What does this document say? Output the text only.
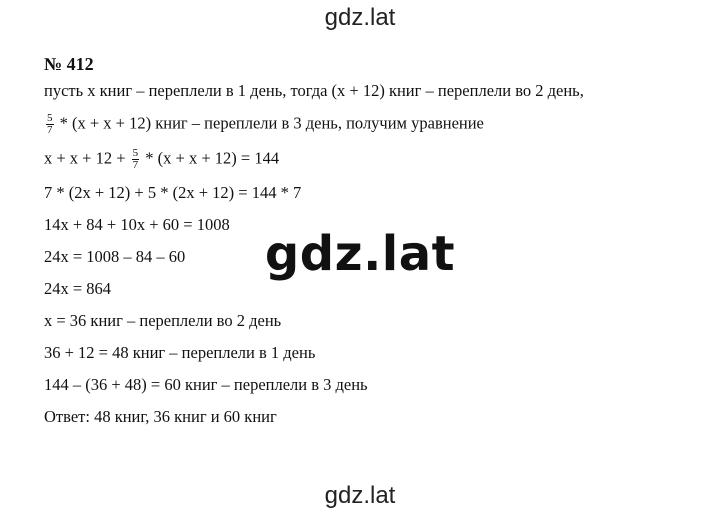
gdz.lat

№ 412

пусть x книг – переплели в 1 день, тогда (x + 12) книг – переплели во 2 день,

$\frac{5}{7} * (x + x + 12)$ книг – переплели в 3 день, получим уравнение

$x + x + 12 + \frac{5}{7} * (x + x + 12) = 144$

7 * (2x + 12) + 5 * (2x + 12) = 144 * 7

14x + 84 + 10x + 60 = 1008

24x = 1008 – 84 – 60

24x = 864

x = 36 книг – переплели во 2 день

36 + 12 = 48 книг – переплели в 1 день

144 – (36 + 48) = 60 книг – переплели в 3 день

Ответ: 48 книг, 36 книг и 60 книг

gdz.lat
gdz.lat
